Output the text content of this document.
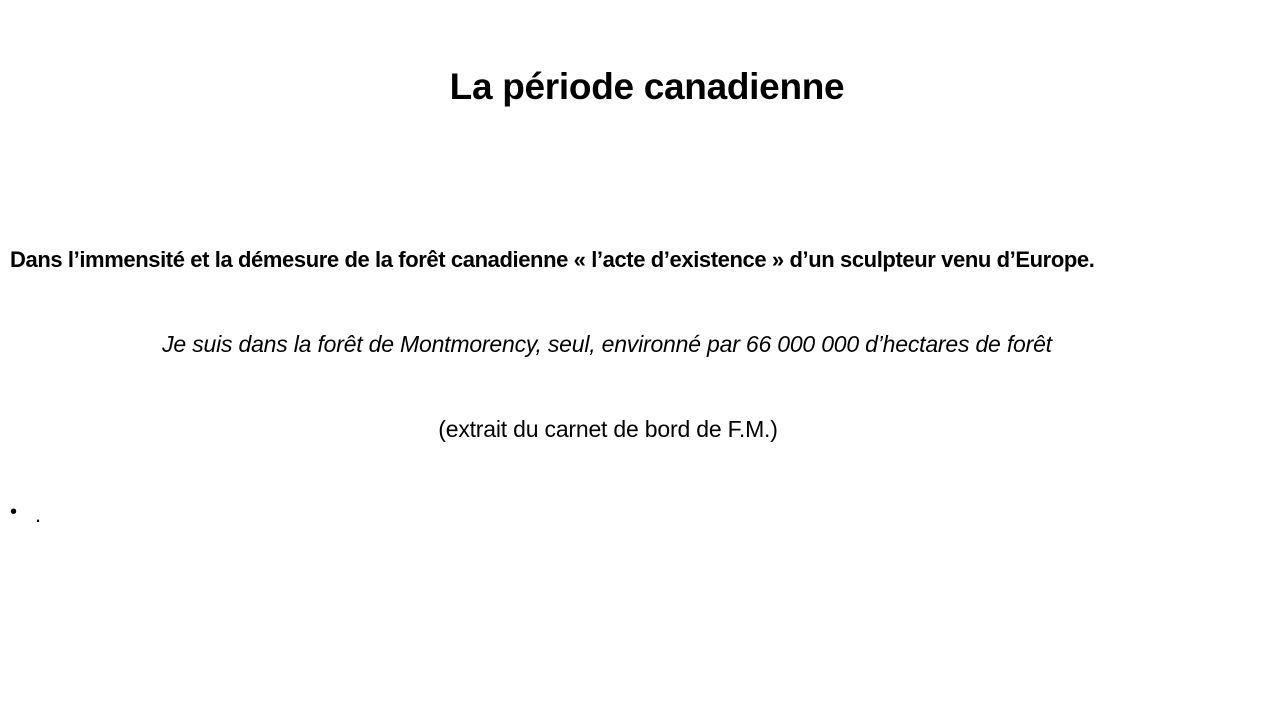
La période canadienne
Dans l’immensité et la démesure de la forêt canadienne « l’acte d’existence » d’un sculpteur venu d’Europe.
Je suis dans la forêt de Montmorency, seul, environné par 66 000 000 d’hectares de forêt
(extrait du carnet de bord de F.M.)
• .
